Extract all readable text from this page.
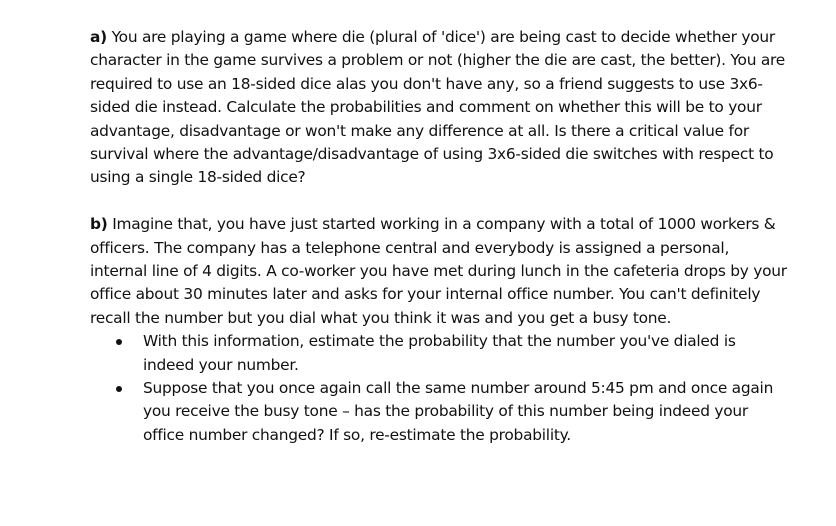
a) You are playing a game where die (plural of 'dice') are being cast to decide whether your character in the game survives a problem or not (higher the die are cast, the better). You are required to use an 18-sided dice alas you don't have any, so a friend suggests to use 3x6-sided die instead. Calculate the probabilities and comment on whether this will be to your advantage, disadvantage or won't make any difference at all. Is there a critical value for survival where the advantage/disadvantage of using 3x6-sided die switches with respect to using a single 18-sided dice?

b) Imagine that, you have just started working in a company with a total of 1000 workers & officers. The company has a telephone central and everybody is assigned a personal, internal line of 4 digits. A co-worker you have met during lunch in the cafeteria drops by your office about 30 minutes later and asks for your internal office number. You can't definitely recall the number but you dial what you think it was and you get a busy tone.

With this information, estimate the probability that the number you've dialed is indeed your number.
Suppose that you once again call the same number around 5:45 pm and once again you receive the busy tone – has the probability of this number being indeed your office number changed? If so, re-estimate the probability.
